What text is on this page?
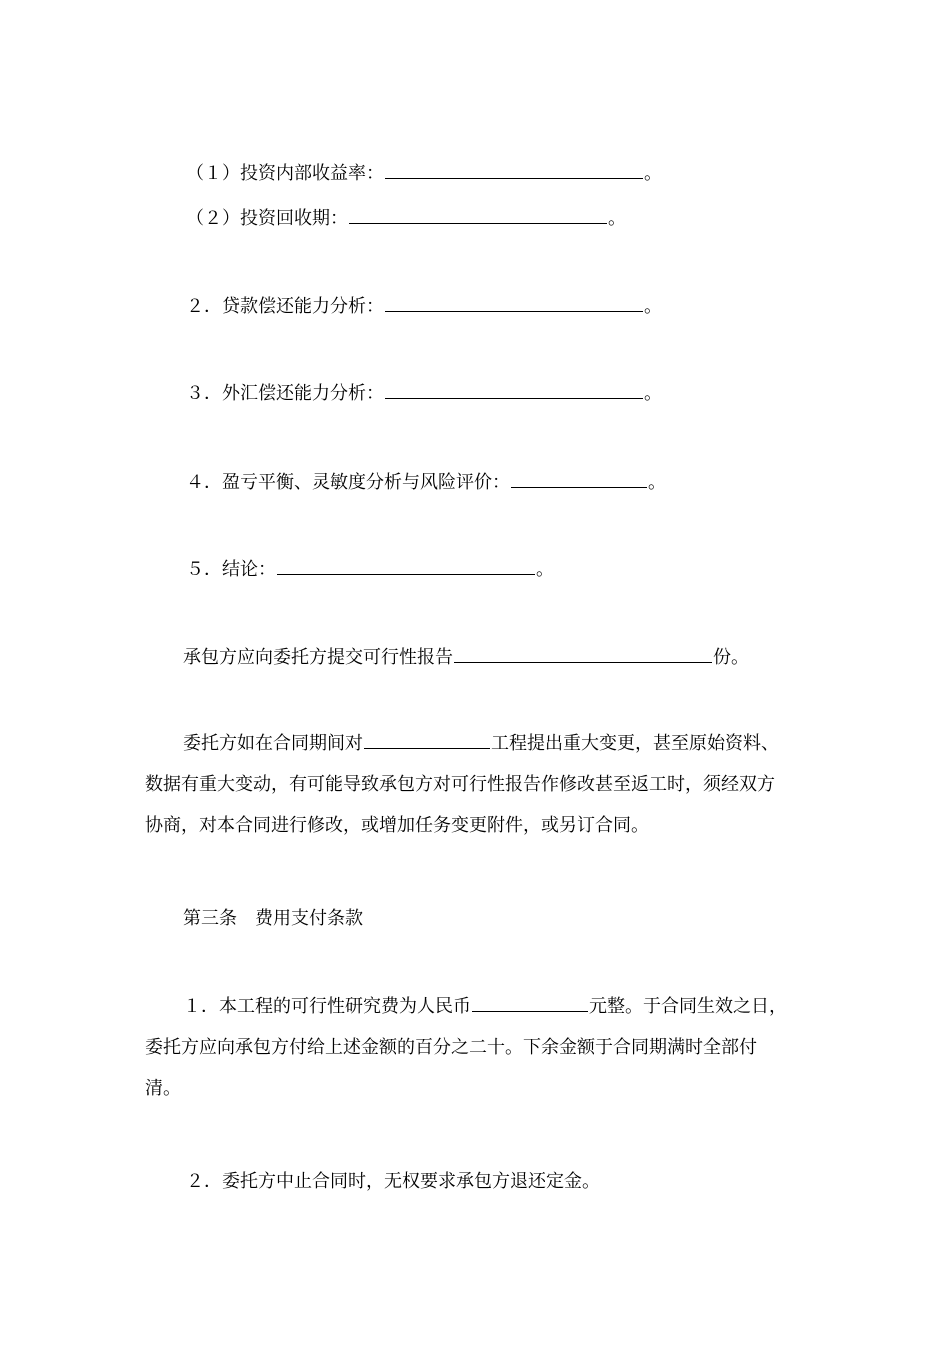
（１）投资内部收益率：	。
（２）投资回收期：	。
２．贷款偿还能力分析：	。
３．外汇偿还能力分析：	。
４．盈亏平衡、灵敏度分析与风险评价：	。
５．结论：	。
承包方应向委托方提交可行性报告	份。
委托方如在合同期间对	工程提出重大变更，甚至原始资料、
数据有重大变动，有可能导致承包方对可行性报告作修改甚至返工时，须经双方
协商，对本合同进行修改，或增加任务变更附件，或另订合同。
第三条　费用支付条款
１．本工程的可行性研究费为人民币	元整。于合同生效之日，
委托方应向承包方付给上述金额的百分之二十。下余金额于合同期满时全部付
清。
２．委托方中止合同时，无权要求承包方退还定金。
